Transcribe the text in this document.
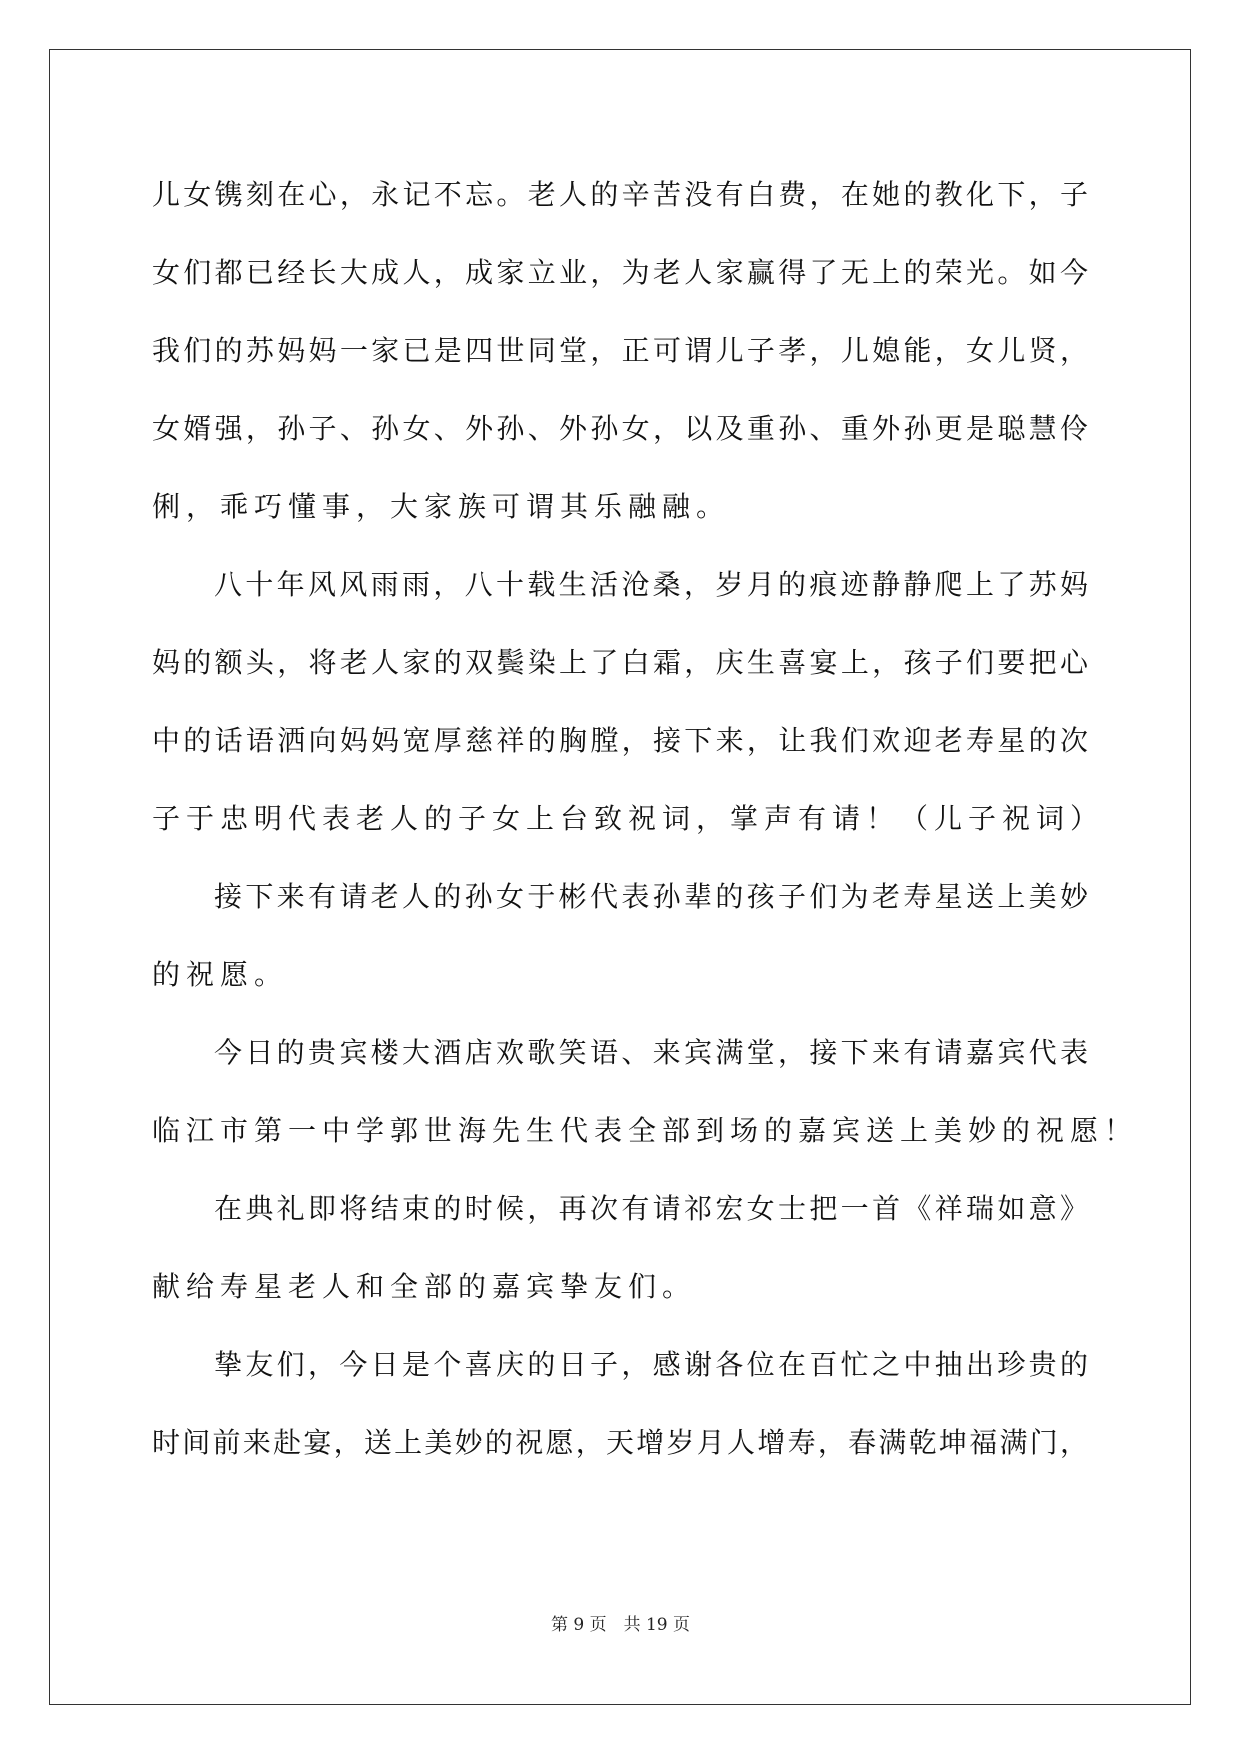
儿女镌刻在心，永记不忘。老人的辛苦没有白费，在她的教化下，子
女们都已经长大成人，成家立业，为老人家赢得了无上的荣光。如今
我们的苏妈妈一家已是四世同堂，正可谓儿子孝，儿媳能，女儿贤，
女婿强，孙子、孙女、外孙、外孙女，以及重孙、重外孙更是聪慧伶
俐，乖巧懂事，大家族可谓其乐融融。
八十年风风雨雨，八十载生活沧桑，岁月的痕迹静静爬上了苏妈
妈的额头，将老人家的双鬓染上了白霜，庆生喜宴上，孩子们要把心
中的话语洒向妈妈宽厚慈祥的胸膛，接下来，让我们欢迎老寿星的次
子于忠明代表老人的子女上台致祝词，掌声有请！（儿子祝词）
接下来有请老人的孙女于彬代表孙辈的孩子们为老寿星送上美妙
的祝愿。
今日的贵宾楼大酒店欢歌笑语、来宾满堂，接下来有请嘉宾代表
临江市第一中学郭世海先生代表全部到场的嘉宾送上美妙的祝愿！
在典礼即将结束的时候，再次有请祁宏女士把一首《祥瑞如意》
献给寿星老人和全部的嘉宾挚友们。
挚友们，今日是个喜庆的日子，感谢各位在百忙之中抽出珍贵的
时间前来赴宴，送上美妙的祝愿，天增岁月人增寿，春满乾坤福满门，
第 9 页　共 19 页
